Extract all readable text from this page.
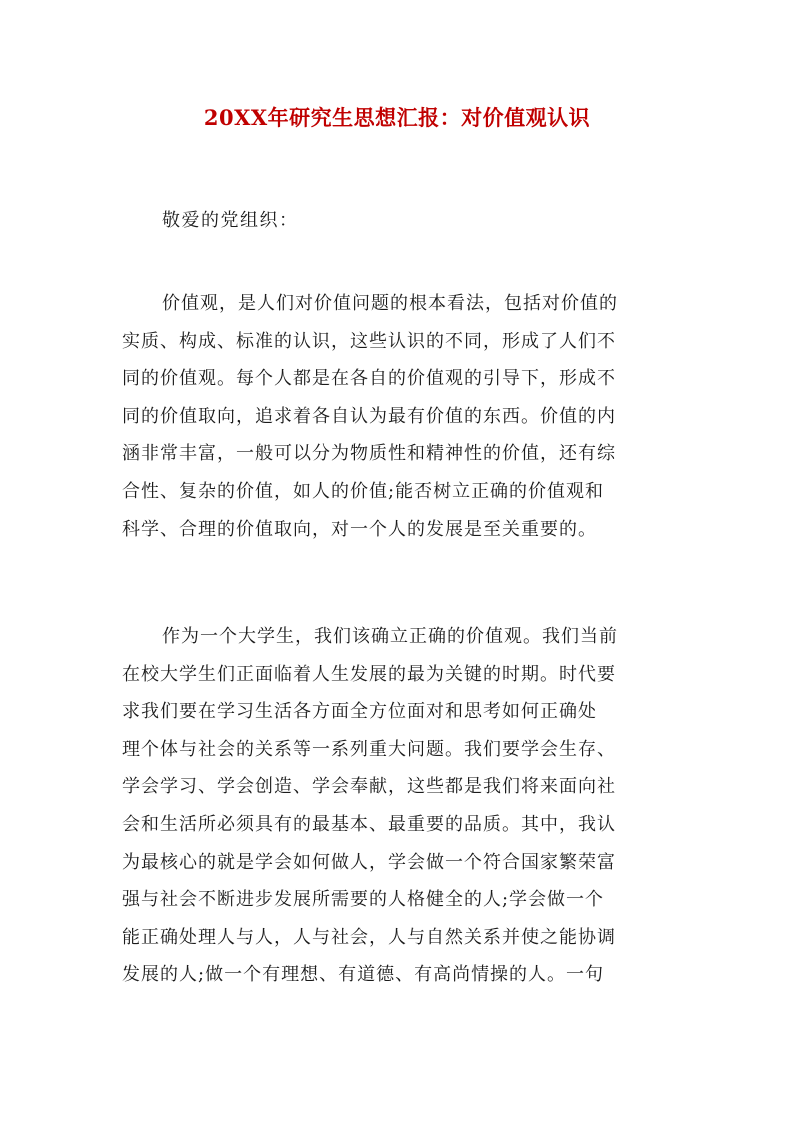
20XX年研究生思想汇报：对价值观认识
敬爱的党组织：
价值观，是人们对价值问题的根本看法，包括对价值的
实质、构成、标准的认识，这些认识的不同，形成了人们不
同的价值观。每个人都是在各自的价值观的引导下，形成不
同的价值取向，追求着各自认为最有价值的东西。价值的内
涵非常丰富，一般可以分为物质性和精神性的价值，还有综
合性、复杂的价值，如人的价值;能否树立正确的价值观和
科学、合理的价值取向，对一个人的发展是至关重要的。
作为一个大学生，我们该确立正确的价值观。我们当前
在校大学生们正面临着人生发展的最为关键的时期。时代要
求我们要在学习生活各方面全方位面对和思考如何正确处
理个体与社会的关系等一系列重大问题。我们要学会生存、
学会学习、学会创造、学会奉献，这些都是我们将来面向社
会和生活所必须具有的最基本、最重要的品质。其中，我认
为最核心的就是学会如何做人，学会做一个符合国家繁荣富
强与社会不断进步发展所需要的人格健全的人;学会做一个
能正确处理人与人，人与社会，人与自然关系并使之能协调
发展的人;做一个有理想、有道德、有高尚情操的人。一句
